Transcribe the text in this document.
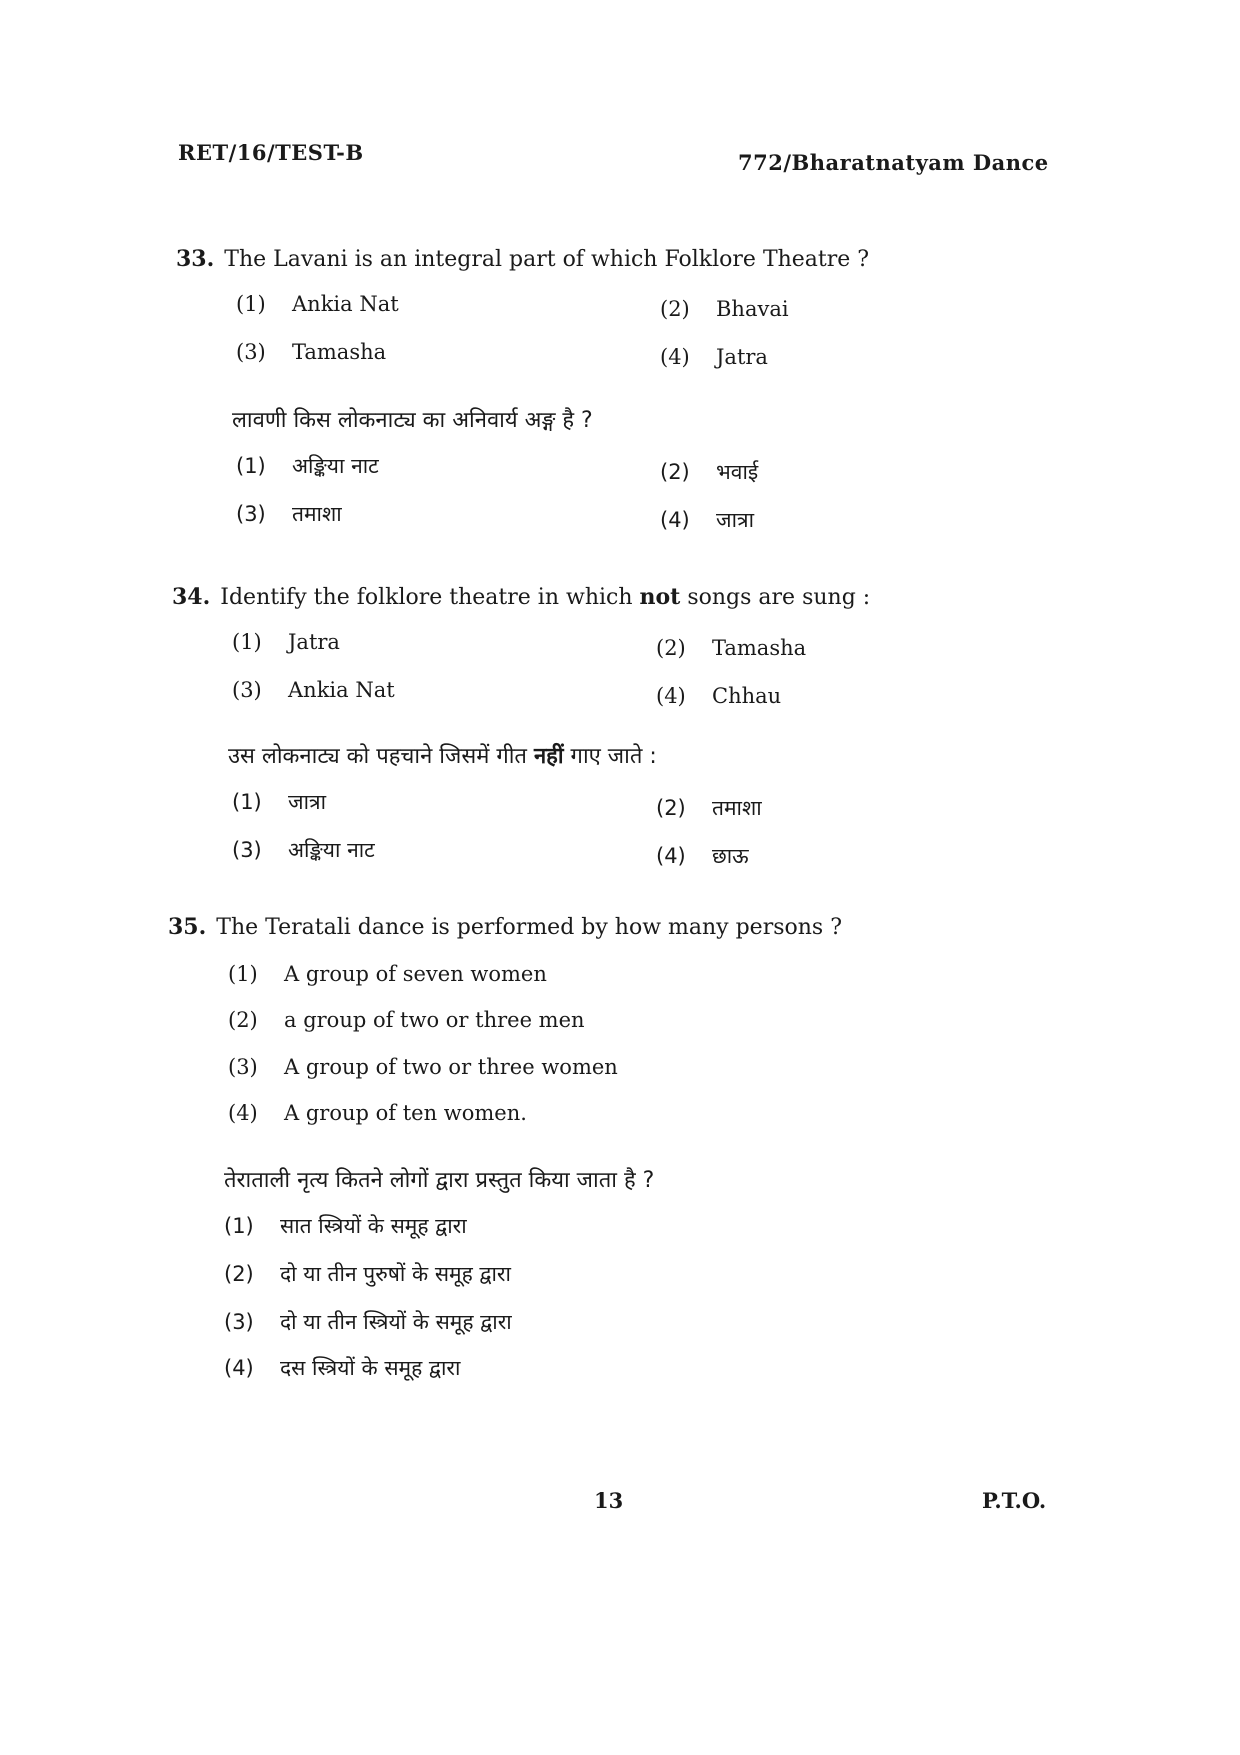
RET/16/TEST-B	772/Bharatnatyam Dance
33. The Lavani is an integral part of which Folklore Theatre ?
(1) Ankia Nat	(2) Bhavai
(3) Tamasha	(4) Jatra
लावणी किस लोकनाट्य का अनिवार्य अङ्ग है ?
(1) अङ्किया नाट	(2) भवाई
(3) तमाशा	(4) जात्रा
34. Identify the folklore theatre in which not songs are sung :
(1) Jatra	(2) Tamasha
(3) Ankia Nat	(4) Chhau
उस लोकनाट्य को पहचाने जिसमें गीत नहीं गाए जाते :
(1) जात्रा	(2) तमाशा
(3) अङ्किया नाट	(4) छाऊ
35. The Teratali dance is performed by how many persons ?
(1) A group of seven women
(2) a group of two or three men
(3) A group of two or three women
(4) A group of ten women.
तेराताली नृत्य कितने लोगों द्वारा प्रस्तुत किया जाता है ?
(1) सात स्त्रियों के समूह द्वारा
(2) दो या तीन पुरुषों के समूह द्वारा
(3) दो या तीन स्त्रियों के समूह द्वारा
(4) दस स्त्रियों के समूह द्वारा
13	P.T.O.
